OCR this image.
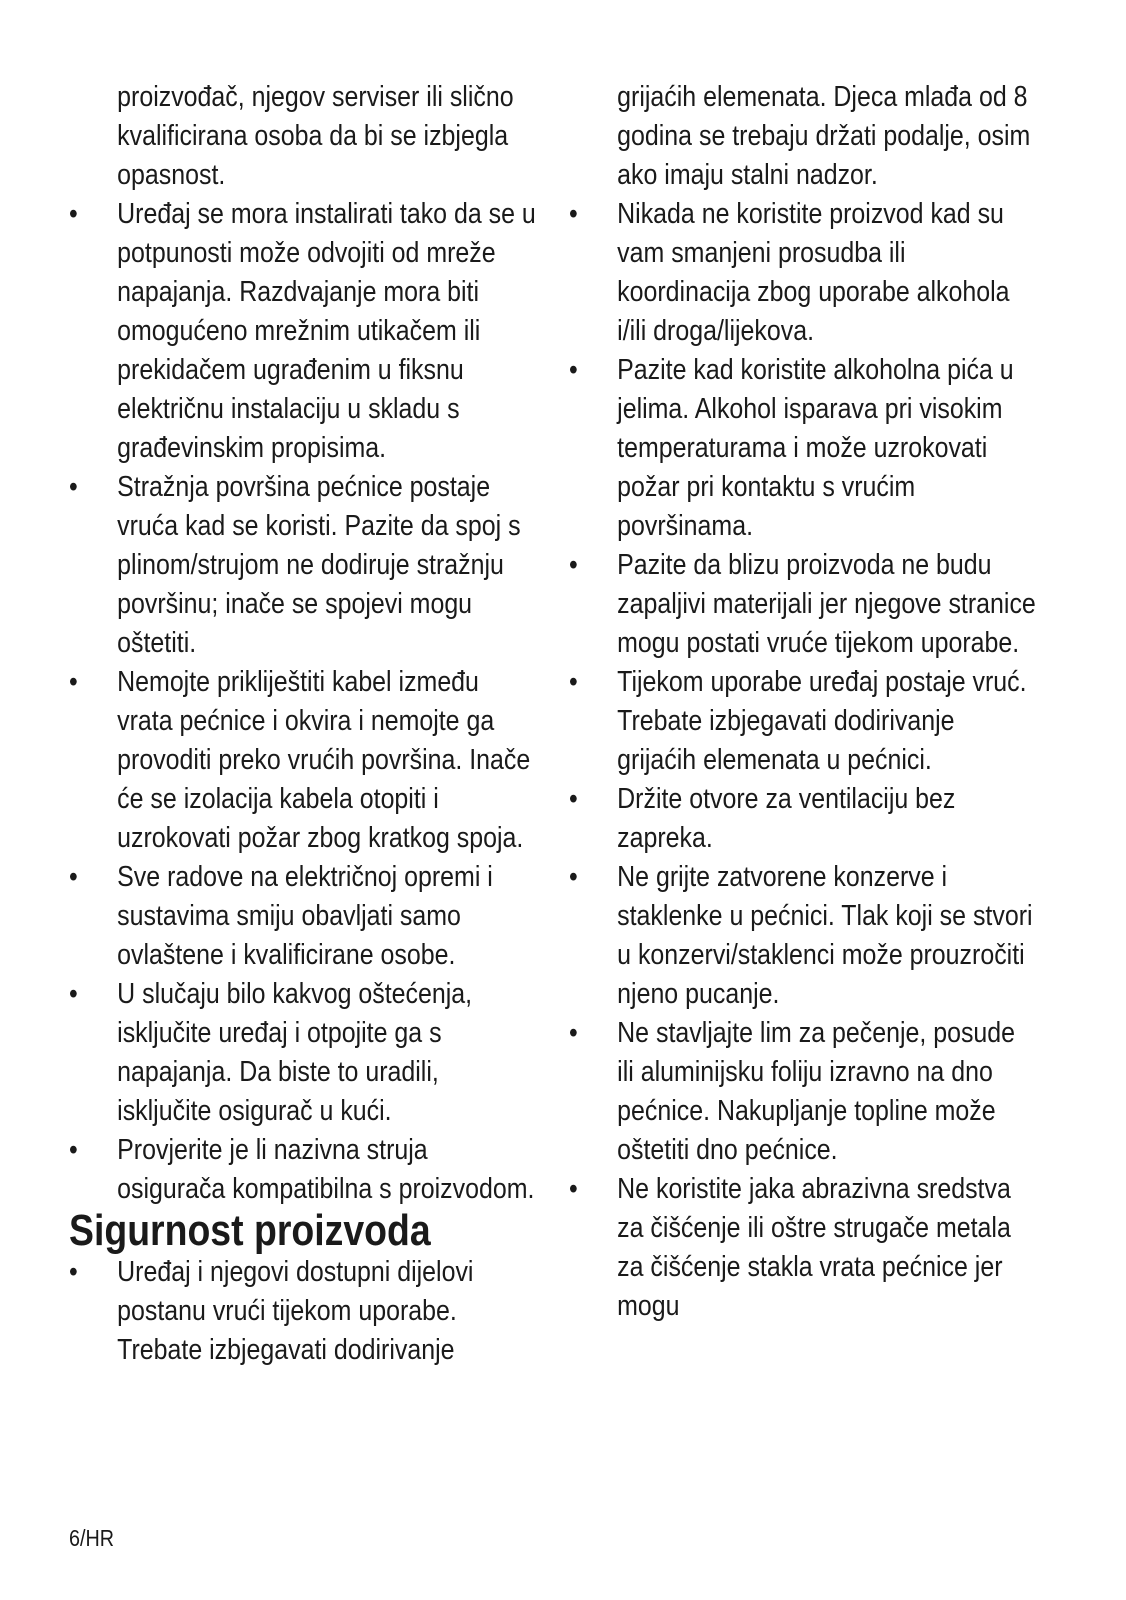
proizvođač, njegov serviser ili slično kvalificirana osoba da bi se izbjegla opasnost.

• Uređaj se mora instalirati tako da se u potpunosti može odvojiti od mreže napajanja. Razdvajanje mora biti omogućeno mrežnim utikačem ili prekidačem ugrađenim u fiksnu električnu instalaciju u skladu s građevinskim propisima.
• Stražnja površina pećnice postaje vruća kad se koristi. Pazite da spoj s plinom/strujom ne dodiruje stražnju površinu; inače se spojevi mogu oštetiti.
• Nemojte prikliještiti kabel između vrata pećnice i okvira i nemojte ga provoditi preko vrućih površina. Inače će se izolacija kabela otopiti i uzrokovati požar zbog kratkog spoja.
• Sve radove na električnoj opremi i sustavima smiju obavljati samo ovlaštene i kvalificirane osobe.
• U slučaju bilo kakvog oštećenja, isključite uređaj i otpojite ga s napajanja. Da biste to uradili, isključite osigurač u kući.
• Provjerite je li nazivna struja osigurača kompatibilna s proizvodom.
Sigurnost proizvoda
• Uređaj i njegovi dostupni dijelovi postanu vrući tijekom uporabe. Trebate izbjegavati dodirivanje

grijaćih elemenata. Djeca mlađa od 8 godina se trebaju držati podalje, osim ako imaju stalni nadzor.

• Nikada ne koristite proizvod kad su vam smanjeni prosudba ili koordinacija zbog uporabe alkohola i/ili droga/lijekova.
• Pazite kad koristite alkoholna pića u jelima. Alkohol isparava pri visokim temperaturama i može uzrokovati požar pri kontaktu s vrućim površinama.
• Pazite da blizu proizvoda ne budu zapaljivi materijali jer njegove stranice mogu postati vruće tijekom uporabe.
• Tijekom uporabe uređaj postaje vruć. Trebate izbjegavati dodirivanje grijaćih elemenata u pećnici.
• Držite otvore za ventilaciju bez zapreka.
• Ne grijte zatvorene konzerve i staklenke u pećnici. Tlak koji se stvori u konzervi/staklenci može prouzročiti njeno pucanje.
• Ne stavljajte lim za pečenje, posude ili aluminijsku foliju izravno na dno pećnice. Nakupljanje topline može oštetiti dno pećnice.
• Ne koristite jaka abrazivna sredstva za čišćenje ili oštre strugače metala za čišćenje stakla vrata pećnice jer mogu
6/HR
